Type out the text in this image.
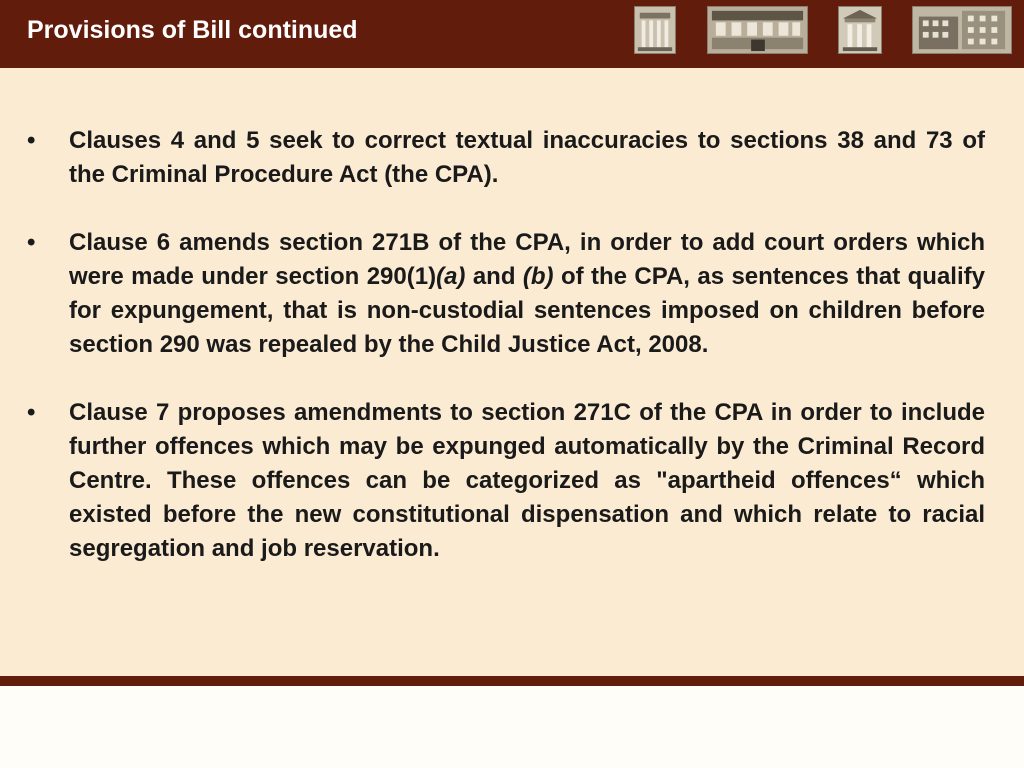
Provisions of Bill continued
•	Clauses 4 and 5 seek to correct textual inaccuracies to sections 38 and 73 of the Criminal Procedure Act (the CPA).
•	Clause 6 amends section 271B of the CPA, in order to add court orders which were made under section 290(1)(a) and (b) of the CPA, as sentences that qualify for expungement, that is non-custodial sentences imposed on children before section 290 was repealed by the Child Justice Act, 2008.
•	Clause 7 proposes amendments to section 271C of the CPA in order to include further offences which may be expunged automatically by the Criminal Record Centre. These offences can be categorized as "apartheid offences“ which existed before the new constitutional dispensation and which relate to racial segregation and job reservation.
